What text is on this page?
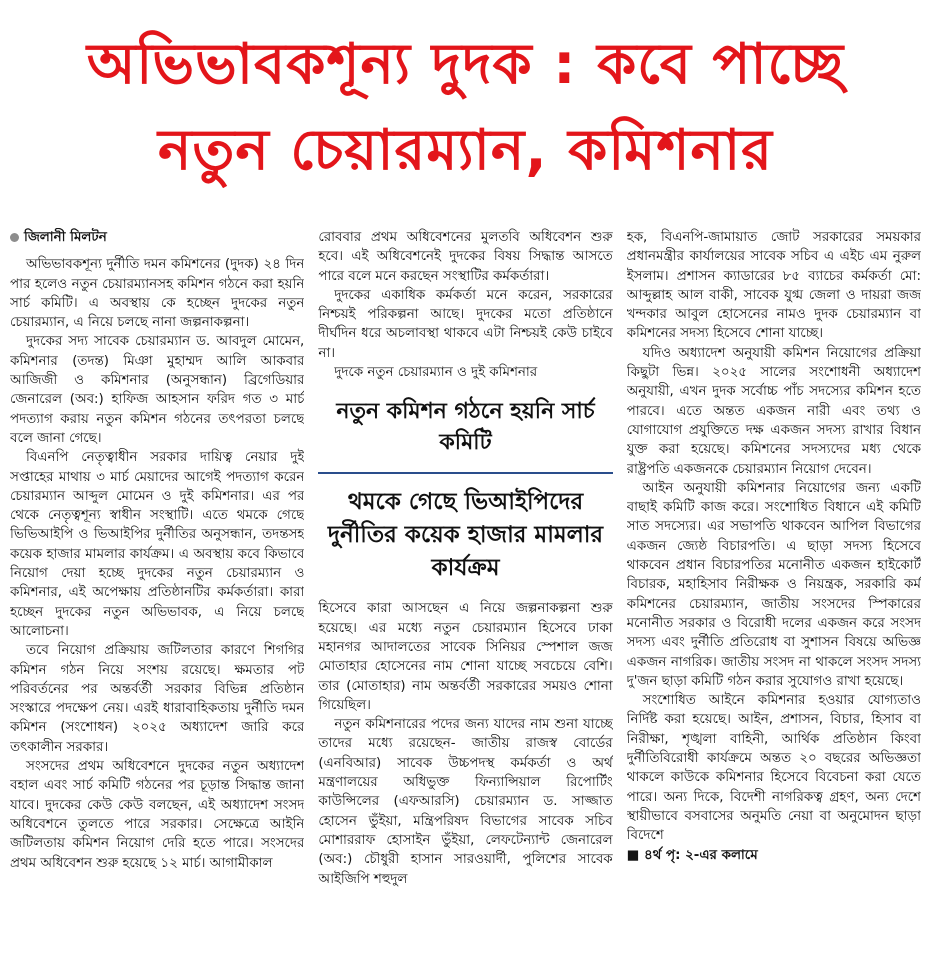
অভিভাবকশূন্য দুদক : কবে পাচ্ছে
নতুন চেয়ারম্যান, কমিশনার
জিলানী মিলটন

অভিভাবকশূন্য দুর্নীতি দমন কমিশনের (দুদক) ২৪ দিন পার হলেও নতুন চেয়ারম্যানসহ কমিশন গঠনে করা হয়নি সার্চ কমিটি। এ অবস্থায় কে হচ্ছেন দুদকের নতুন চেয়ারম্যান, এ নিয়ে চলছে নানা জল্পনাকল্পনা।

দুদকের সদ্য সাবেক চেয়ারম্যান ড. আবদুল মোমেন, কমিশনার (তদন্ত) মিঞা মুহাম্মদ আলি আকবার আজিজী ও কমিশনার (অনুসন্ধান) ব্রিগেডিয়ার জেনারেল (অব:) হাফিজ আহসান ফরিদ গত ৩ মার্চ পদত্যাগ করায় নতুন কমিশন গঠনের তৎপরতা চলছে বলে জানা গেছে।

বিএনপি নেতৃত্বাধীন সরকার দায়িত্ব নেয়ার দুই সপ্তাহের মাথায় ৩ মার্চ মেয়াদের আগেই পদত্যাগ করেন চেয়ারম্যান আব্দুল মোমেন ও দুই কমিশনার। এর পর থেকে নেতৃত্বশূন্য স্বাধীন সংস্থাটি। এতে থমকে গেছে ভিভিআইপি ও ভিআইপির দুর্নীতির অনুসন্ধান, তদন্তসহ কয়েক হাজার মামলার কার্যক্রম। এ অবস্থায় কবে কিভাবে নিয়োগ দেয়া হচ্ছে দুদকের নতুন চেয়ারম্যান ও কমিশনার, এই অপেক্ষায় প্রতিষ্ঠানটির কর্মকর্তারা। কারা হচ্ছেন দুদকের নতুন অভিভাবক, এ নিয়ে চলছে আলোচনা।

তবে নিয়োগ প্রক্রিয়ায় জটিলতার কারণে শিগগির কমিশন গঠন নিয়ে সংশয় রয়েছে। ক্ষমতার পট পরিবর্তনের পর অন্তর্বর্তী সরকার বিভিন্ন প্রতিষ্ঠান সংস্কারে পদক্ষেপ নেয়। এরই ধারাবাহিকতায় দুর্নীতি দমন কমিশন (সংশোধন) ২০২৫ অধ্যাদেশ জারি করে তৎকালীন সরকার।

সংসদের প্রথম অধিবেশনে দুদকের নতুন অধ্যাদেশ বহাল এবং সার্চ কমিটি গঠনের পর চূড়ান্ত সিদ্ধান্ত জানা যাবে। দুদকের কেউ কেউ বলছেন, এই অধ্যাদেশ সংসদ অধিবেশনে তুলতে পারে সরকার। সেক্ষেত্রে আইনি জটিলতায় কমিশন নিয়োগ দেরি হতে পারে। সংসদের প্রথম অধিবেশন শুরু হয়েছে ১২ মার্চ। আগামীকাল

রোববার প্রথম অধিবেশনের মুলতবি অধিবেশন শুরু হবে। এই অধিবেশনেই দুদকের বিষয় সিদ্ধান্ত আসতে পারে বলে মনে করছেন সংস্থাটির কর্মকর্তারা।

দুদকের একাধিক কর্মকর্তা মনে করেন, সরকারের নিশ্চয়ই পরিকল্পনা আছে। দুদকের মতো প্রতিষ্ঠানে দীর্ঘদিন ধরে অচলাবস্থা থাকবে এটা নিশ্চয়ই কেউ চাইবে না।

দুদকে নতুন চেয়ারম্যান ও দুই কমিশনার

নতুন কমিশন গঠনে হয়নি সার্চ কমিটি
থমকে গেছে ভিআইপিদের দুর্নীতির কয়েক হাজার মামলার কার্যক্রম

হিসেবে কারা আসছেন এ নিয়ে জল্পনাকল্পনা শুরু হয়েছে। এর মধ্যে নতুন চেয়ারম্যান হিসেবে ঢাকা মহানগর আদালতের সাবেক সিনিয়র স্পেশাল জজ মোতাহার হোসেনের নাম শোনা যাচ্ছে সবচেয়ে বেশি। তার (মোতাহার) নাম অন্তর্বর্তী সরকারের সময়ও শোনা গিয়েছিল।

নতুন কমিশনারের পদের জন্য যাদের নাম শুনা যাচ্ছে তাদের মধ্যে রয়েছেন- জাতীয় রাজস্ব বোর্ডের (এনবিআর) সাবেক উচ্চপদস্থ কর্মকর্তা ও অর্থ মন্ত্রণালয়ের অধিভুক্ত ফিন্যান্সিয়াল রিপোর্টিং কাউন্সিলের (এফআরসি) চেয়ারম্যান ড. সাজ্জাত হোসেন ভুঁইয়া, মন্ত্রিপরিষদ বিভাগের সাবেক সচিব মোশাররাফ হোসাইন ভুঁইয়া, লেফটেন্যান্ট জেনারেল (অব:) চৌধুরী হাসান সারওয়ার্দী, পুলিশের সাবেক আইজিপি শহুদুল

হক, বিএনপি-জামায়াত জোট সরকারের সময়কার প্রধানমন্ত্রীর কার্যালয়ের সাবেক সচিব এ এইচ এম নুরুল ইসলাম। প্রশাসন ক্যাডারের ৮৫ ব্যাচের কর্মকর্তা মো: আব্দুল্লাহ আল বাকী, সাবেক যুগ্ম জেলা ও দায়রা জজ খন্দকার আবুল হোসেনের নামও দুদক চেয়ারম্যান বা কমিশনের সদস্য হিসেবে শোনা যাচ্ছে।

যদিও অধ্যাদেশ অনুযায়ী কমিশন নিয়োগের প্রক্রিয়া কিছুটা ভিন্ন। ২০২৫ সালের সংশোধনী অধ্যাদেশ অনুযায়ী, এখন দুদক সর্বোচ্চ পাঁচ সদস্যের কমিশন হতে পারবে। এতে অন্তত একজন নারী এবং তথ্য ও যোগাযোগ প্রযুক্তিতে দক্ষ একজন সদস্য রাখার বিধান যুক্ত করা হয়েছে। কমিশনের সদস্যদের মধ্য থেকে রাষ্ট্রপতি একজনকে চেয়ারম্যান নিয়োগ দেবেন।

আইন অনুযায়ী কমিশনার নিয়োগের জন্য একটি বাছাই কমিটি কাজ করে। সংশোধিত বিধানে এই কমিটি সাত সদস্যের। এর সভাপতি থাকবেন আপিল বিভাগের একজন জ্যেষ্ঠ বিচারপতি। এ ছাড়া সদস্য হিসেবে থাকবেন প্রধান বিচারপতির মনোনীত একজন হাইকোর্ট বিচারক, মহাহিসাব নিরীক্ষক ও নিয়ন্ত্রক, সরকারি কর্ম কমিশনের চেয়ারম্যান, জাতীয় সংসদের স্পিকারের মনোনীত সরকার ও বিরোধী দলের একজন করে সংসদ সদস্য এবং দুর্নীতি প্রতিরোধ বা সুশাসন বিষয়ে অভিজ্ঞ একজন নাগরিক। জাতীয় সংসদ না থাকলে সংসদ সদস্য দু'জন ছাড়া কমিটি গঠন করার সুযোগও রাখা হয়েছে।

সংশোধিত আইনে কমিশনার হওয়ার যোগ্যতাও নির্দিষ্ট করা হয়েছে। আইন, প্রশাসন, বিচার, হিসাব বা নিরীক্ষা, শৃঙ্খলা বাহিনী, আর্থিক প্রতিষ্ঠান কিংবা দুর্নীতিবিরোধী কার্যক্রমে অন্তত ২০ বছরের অভিজ্ঞতা থাকলে কাউকে কমিশনার হিসেবে বিবেচনা করা যেতে পারে। অন্য দিকে, বিদেশী নাগরিকত্ব গ্রহণ, অন্য দেশে স্থায়ীভাবে বসবাসের অনুমতি নেয়া বা অনুমোদন ছাড়া বিদেশে

■ ৪র্থ পৃ: ২-এর কলামে
